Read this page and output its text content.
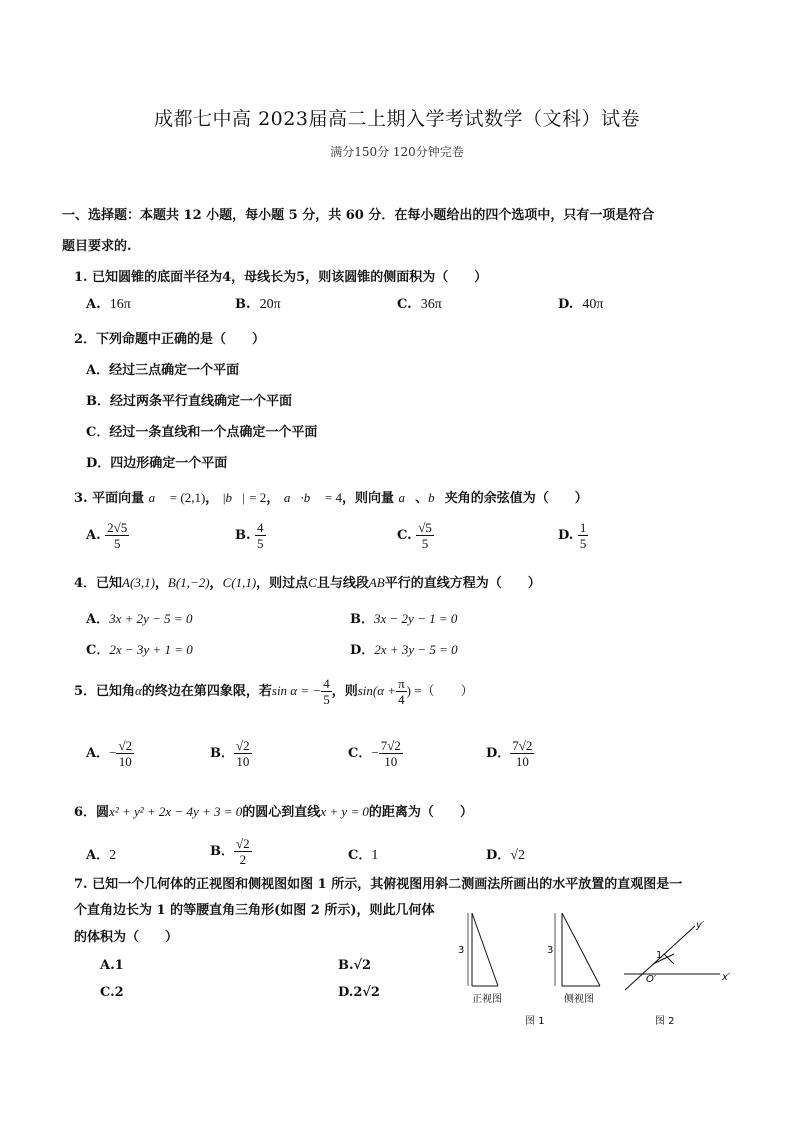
成都七中高 2023届高二上期入学考试数学（文科）试卷
满分150分 120分钟完卷
一、选择题：本题共 12 小题，每小题 5 分，共 60 分．在每小题给出的四个选项中，只有一项是符合
题目要求的.
1. 已知圆锥的底面半径为4，母线长为5，则该圆锥的侧面积为（　　）
A. 16π	B. 20π	C. 36π	D. 40π
2．下列命题中正确的是（　　）
A．经过三点确定一个平面
B．经过两条平行直线确定一个平面
C．经过一条直线和一个点确定一个平面
D．四边形确定一个平面
3. 平面向量 a⃗ = (2,1)， |b⃗| = 2， a⃗·b⃗ = 4，则向量 a⃗、b⃗夹角的余弦值为（　　）
A. $\frac{2√5}{5}$	B. $\frac{4}{5}$	C. $\frac{√5}{5}$	D. $\frac{1}{5}$
4．已知A(3,1)，B(1,−2)，C(1,1)，则过点C且与线段AB平行的直线方程为（　　）
A．3x + 2y − 5 = 0	B．3x − 2y − 1 = 0
C．2x − 3y + 1 = 0	D．2x + 3y − 5 = 0
5．已知角α的终边在第四象限，若sin α = − $\frac{4}{5}$ ，则$\sin(\alpha + \frac{\pi}{4}$ ) =（　　）
A．− $\frac{√2}{10}$	B． $\frac{√2}{10}$	C．− $\frac{7√2}{10}$	D． $\frac{7√2}{10}$
6．圆x² + y² + 2x − 4y + 3 = 0的圆心到直线x + y = 0的距离为（　　）
A．2	B． $\frac{√2}{2}$	C．1	D．√2
7. 已知一个几何体的正视图和侧视图如图 1 所示，其俯视图用斜二测画法所画出的水平放置的直观图是一
个直角边长为 1 的等腰直角三角形(如图 2 所示)，则此几何体
的体积为（　　）
A.1	B.√2
C.2	D.2√2
3	3
正视图	侧视图
1
y′
x′
O′
图 1	图 2
